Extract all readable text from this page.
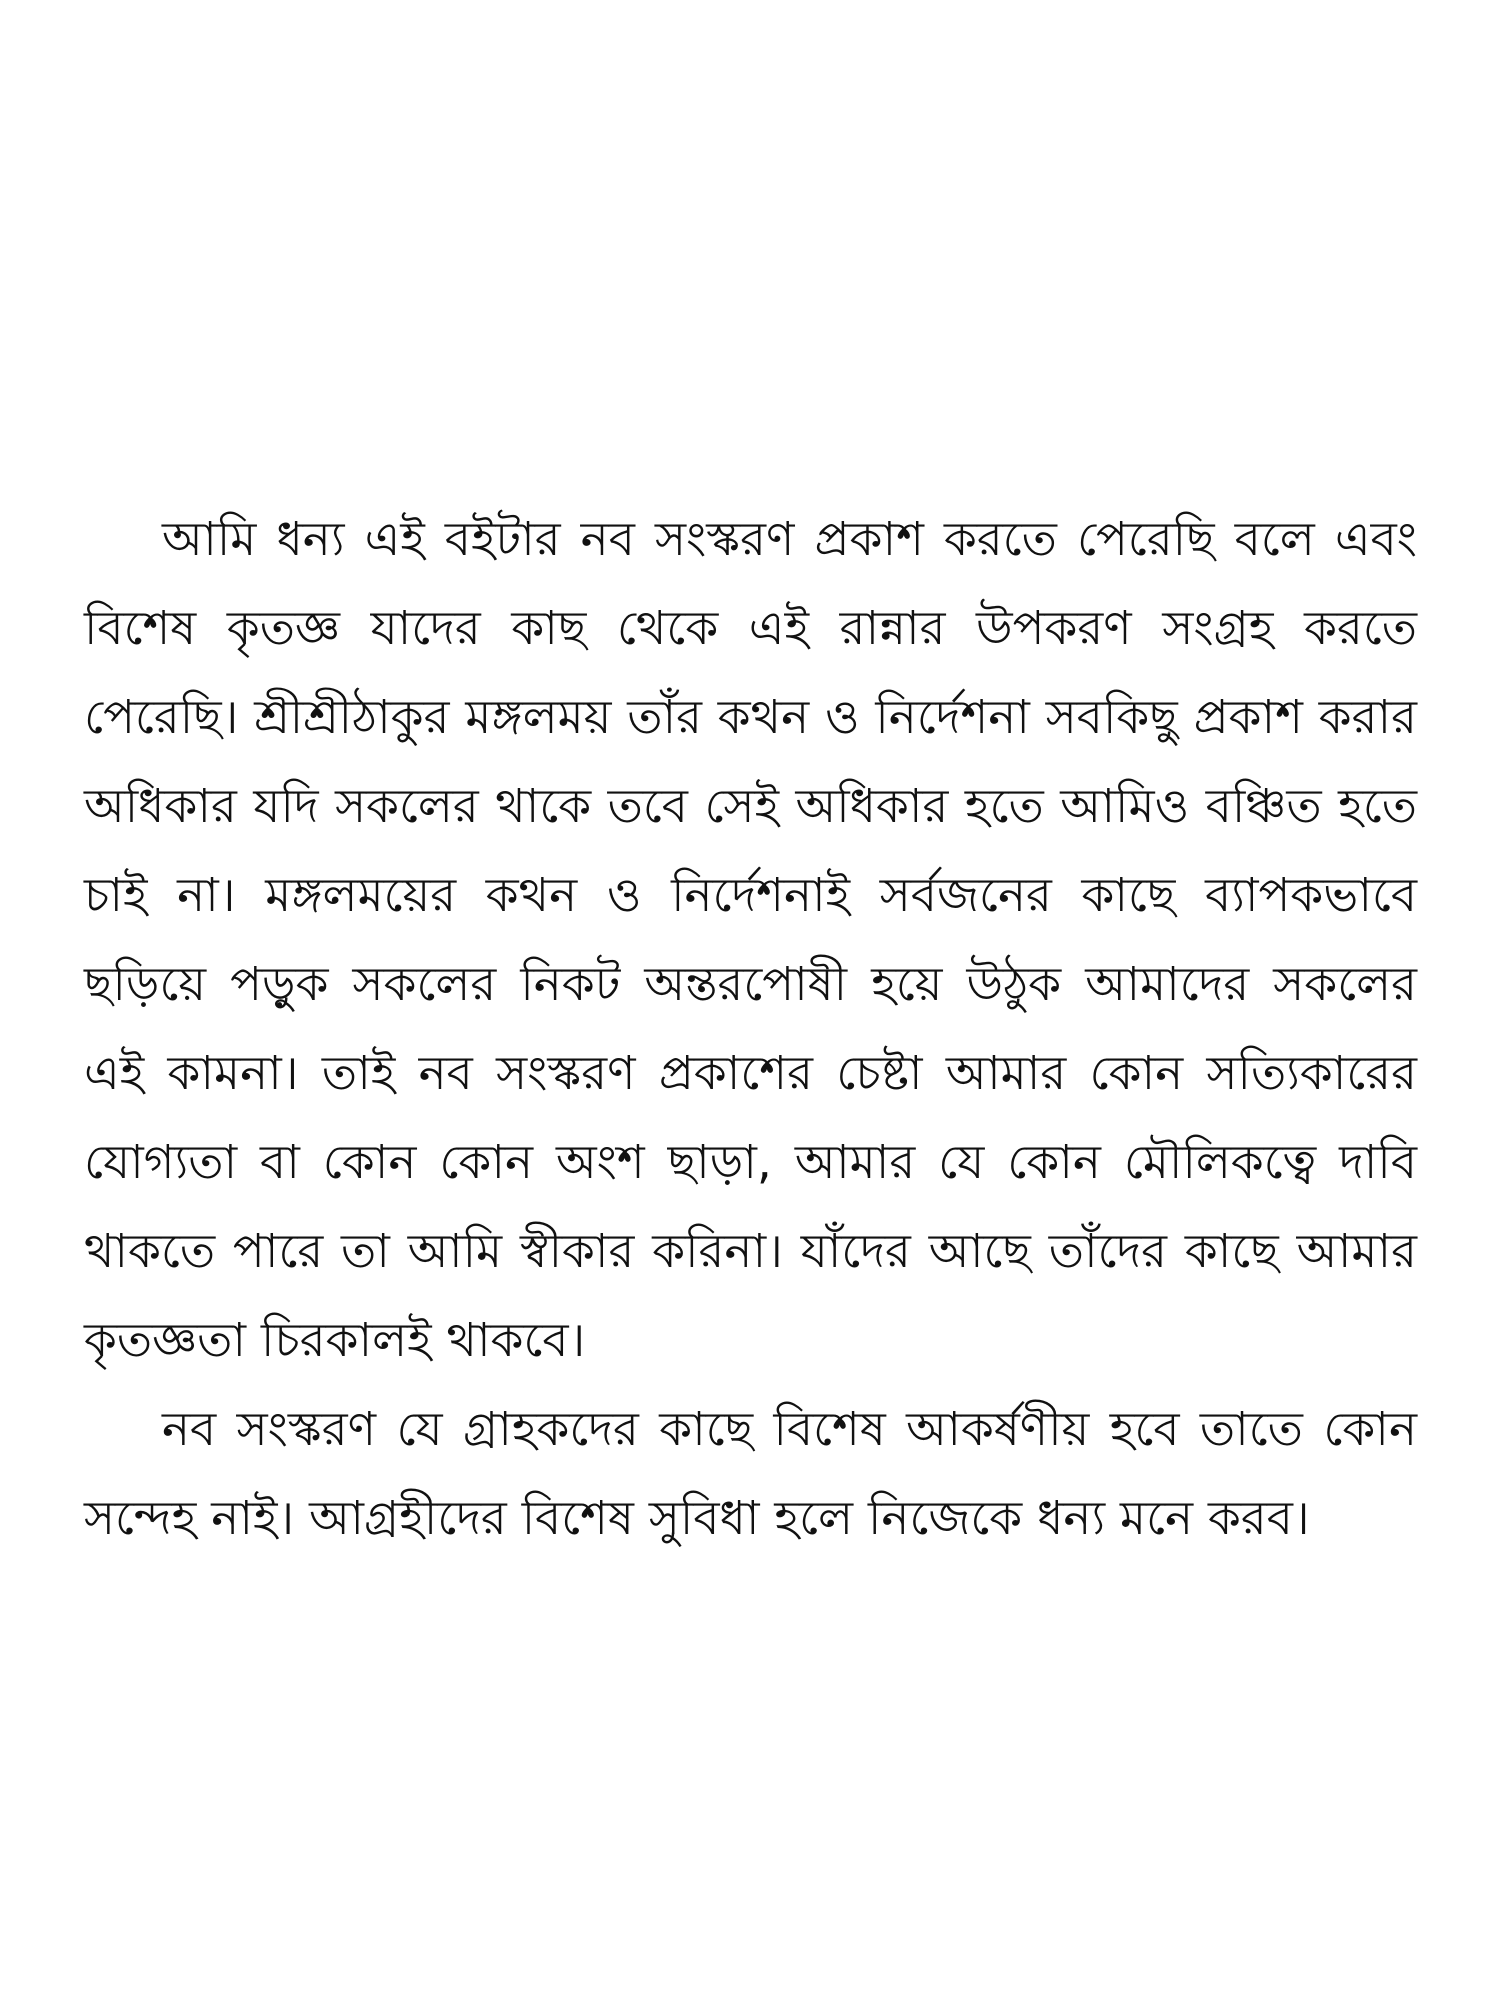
আমি ধন্য এই বইটার নব সংস্করণ প্রকাশ করতে পেরেছি বলে এবং বিশেষ কৃতজ্ঞ যাদের কাছ থেকে এই রান্নার উপকরণ সংগ্রহ করতে পেরেছি। শ্রীশ্রীঠাকুর মঙ্গলময় তাঁর কথন ও নির্দেশনা সবকিছু প্রকাশ করার অধিকার যদি সকলের থাকে তবে সেই অধিকার হতে আমিও বঞ্চিত হতে চাই না। মঙ্গলময়ের কথন ও নির্দেশনাই সর্বজনের কাছে ব্যাপকভাবে ছড়িয়ে পড়ুক সকলের নিকট অন্তরপোষী হয়ে উঠুক আমাদের সকলের এই কামনা। তাই নব সংস্করণ প্রকাশের চেষ্টা আমার কোন সত্যিকারের যোগ্যতা বা কোন কোন অংশ ছাড়া, আমার যে কোন মৌলিকত্বে দাবি থাকতে পারে তা আমি স্বীকার করিনা। যাঁদের আছে তাঁদের কাছে আমার কৃতজ্ঞতা চিরকালই থাকবে।

নব সংস্করণ যে গ্রাহকদের কাছে বিশেষ আকর্ষণীয় হবে তাতে কোন সন্দেহ নাই। আগ্রহীদের বিশেষ সুবিধা হলে নিজেকে ধন্য মনে করব।
